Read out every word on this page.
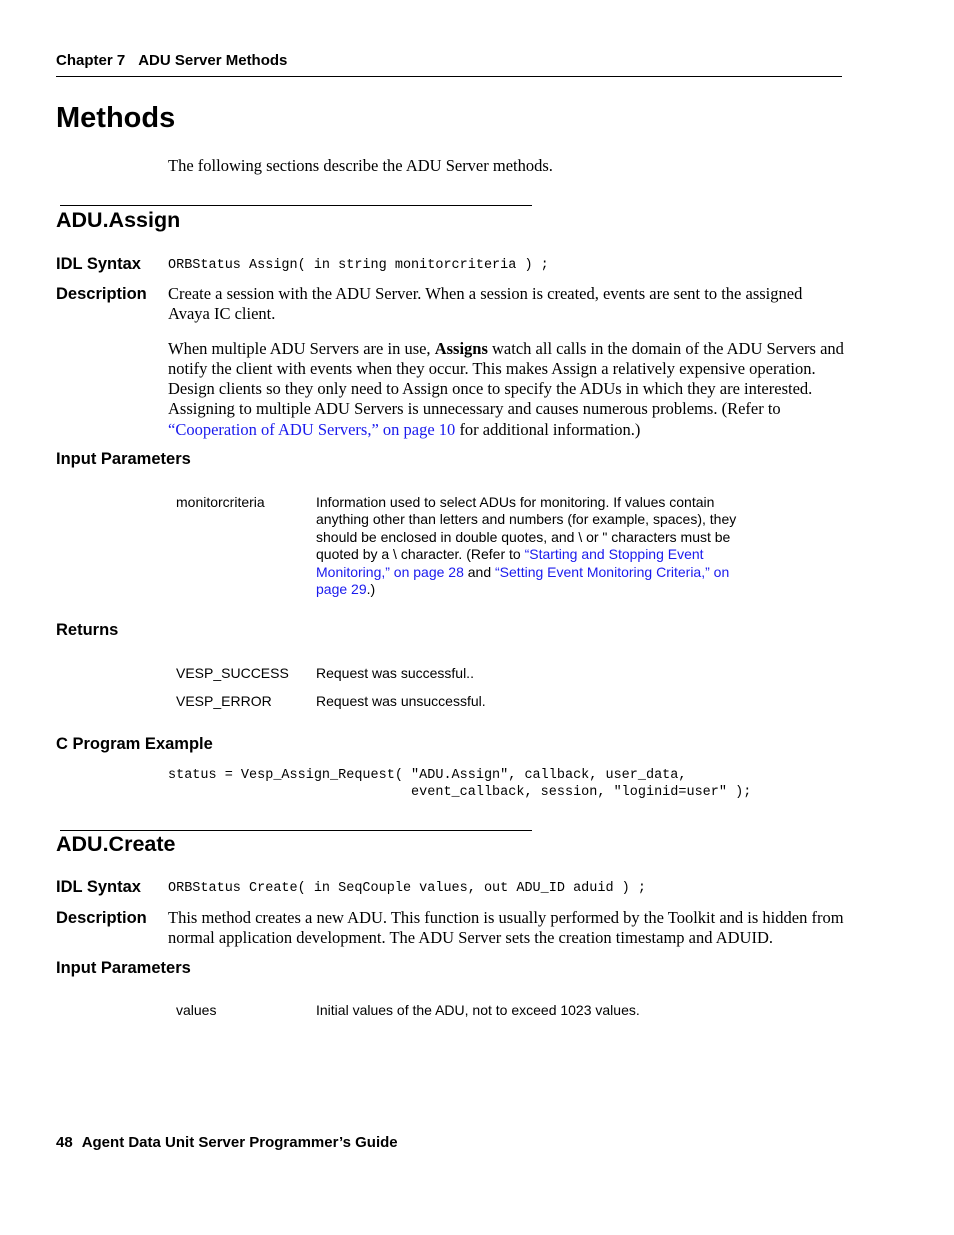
Chapter 7 ADU Server Methods
Methods
The following sections describe the ADU Server methods.
ADU.Assign
IDL Syntax ORBStatus Assign( in string monitorcriteria ) ;
Description Create a session with the ADU Server. When a session is created, events are sent to the assigned Avaya IC client.

When multiple ADU Servers are in use, Assigns watch all calls in the domain of the ADU Servers and notify the client with events when they occur. This makes Assign a relatively expensive operation. Design clients so they only need to Assign once to specify the ADUs in which they are interested. Assigning to multiple ADU Servers is unnecessary and causes numerous problems. (Refer to “Cooperation of ADU Servers,” on page 10 for additional information.)

Input Parameters
monitorcriteria	Information used to select ADUs for monitoring. If values contain anything other than letters and numbers (for example, spaces), they should be enclosed in double quotes, and \ or " characters must be quoted by a \ character. (Refer to “Starting and Stopping Event Monitoring,” on page 28 and “Setting Event Monitoring Criteria,” on page 29.)
Returns
VESP_SUCCESS Request was successful..
VESP_ERROR	Request was unsuccessful.
C Program Example
status = Vesp_Assign_Request( "ADU.Assign", callback, user_data,
event_callback, session, "loginid=user" );
ADU.Create
IDL Syntax ORBStatus Create( in SeqCouple values, out ADU_ID aduid ) ;
Description This method creates a new ADU. This function is usually performed by the Toolkit and is hidden from normal application development. The ADU Server sets the creation timestamp and ADUID.

Input Parameters
values	Initial values of the ADU, not to exceed 1023 values.
48 Agent Data Unit Server Programmer’s Guide
